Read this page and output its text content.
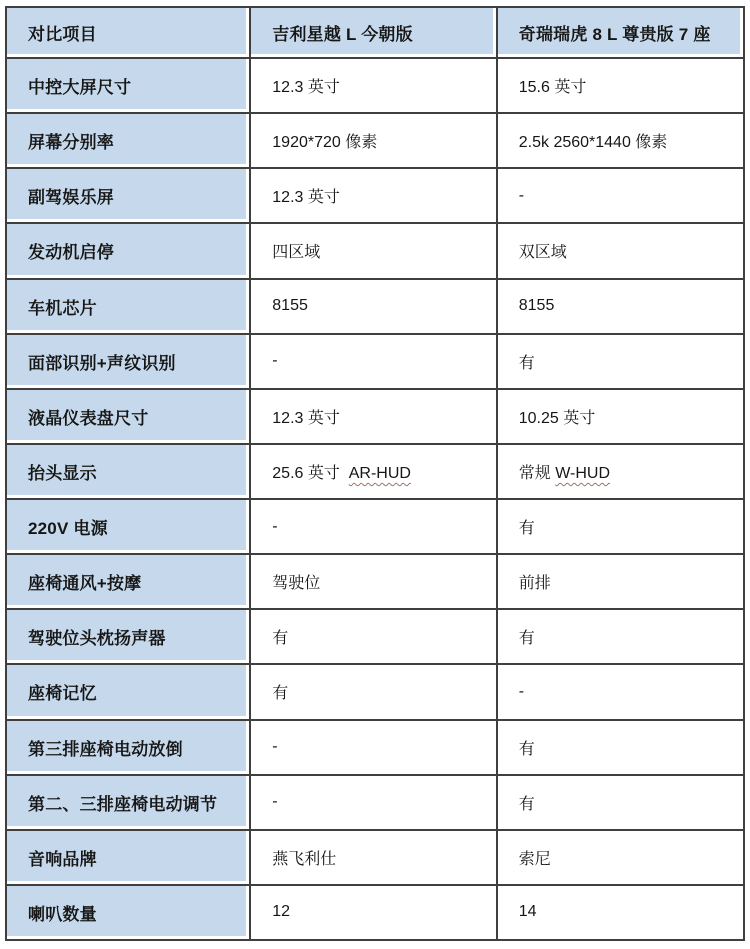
对比项目	吉利星越 L 今朝版	奇瑞瑞虎 8 L 尊贵版 7 座
中控大屏尺寸	12.3 英寸	15.6 英寸
屏幕分别率	1920*720 像素	2.5k 2560*1440 像素
副驾娱乐屏	12.3 英寸	-
发动机启停	四区域	双区域
车机芯片	8155	8155
面部识别+声纹识别	-	有
液晶仪表盘尺寸	12.3 英寸	10.25 英寸
抬头显示	25.6 英寸  AR-HUD	常规 W-HUD
220V 电源	-	有
座椅通风+按摩	驾驶位	前排
驾驶位头枕扬声器	有	有
座椅记忆	有	-
第三排座椅电动放倒	-	有
第二、三排座椅电动调节	-	有
音响品牌	燕飞利仕	索尼
喇叭数量	12	14
